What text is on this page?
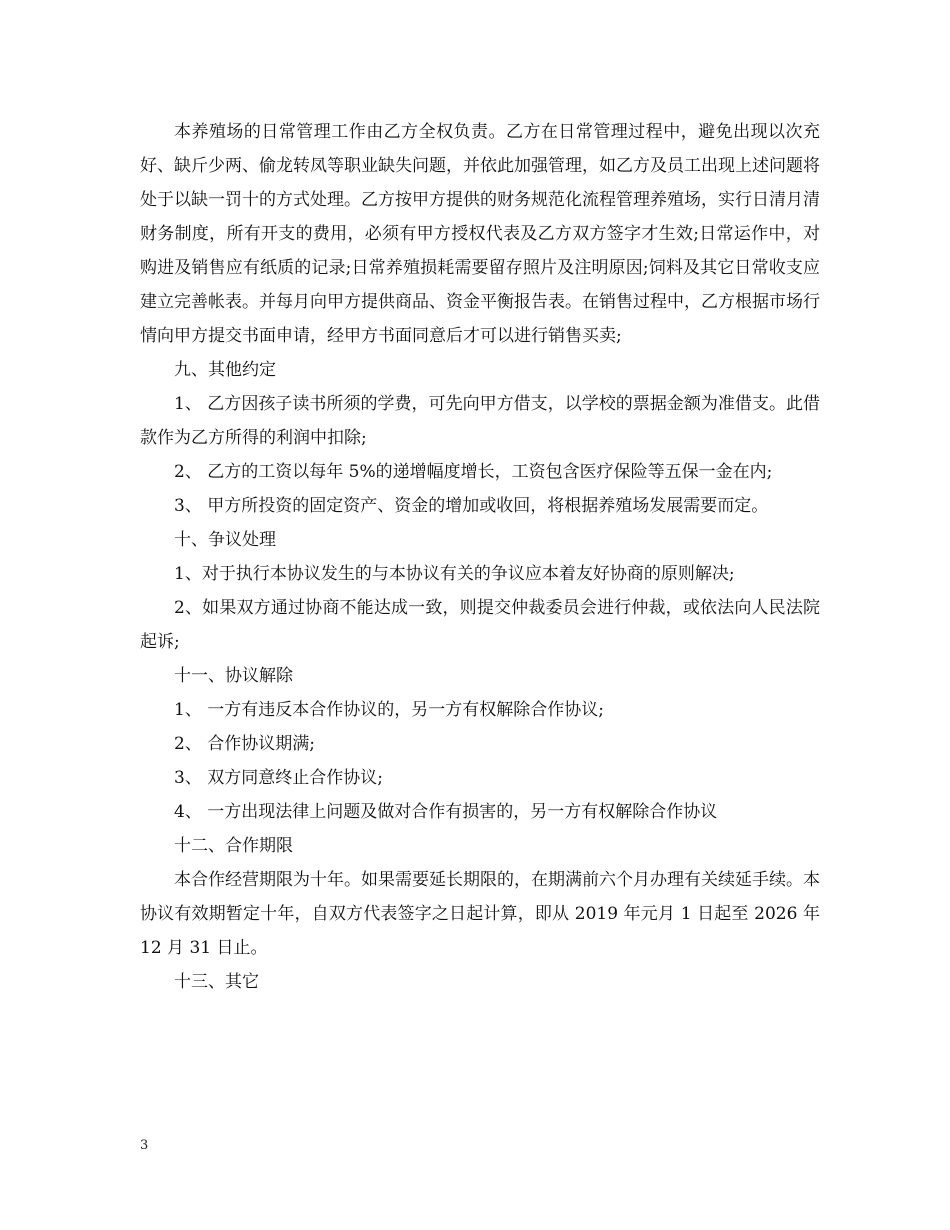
本养殖场的日常管理工作由乙方全权负责。乙方在日常管理过程中，避免出现以次充好、缺斤少两、偷龙转凤等职业缺失问题，并依此加强管理，如乙方及员工出现上述问题将处于以缺一罚十的方式处理。乙方按甲方提供的财务规范化流程管理养殖场，实行日清月清财务制度，所有开支的费用，必须有甲方授权代表及乙方双方签字才生效;日常运作中，对购进及销售应有纸质的记录;日常养殖损耗需要留存照片及注明原因;饲料及其它日常收支应建立完善帐表。并每月向甲方提供商品、资金平衡报告表。在销售过程中，乙方根据市场行情向甲方提交书面申请，经甲方书面同意后才可以进行销售买卖;

九、其他约定

1、 乙方因孩子读书所须的学费，可先向甲方借支，以学校的票据金额为准借支。此借款作为乙方所得的利润中扣除;

2、 乙方的工资以每年 5%的递增幅度增长，工资包含医疗保险等五保一金在内;

3、 甲方所投资的固定资产、资金的增加或收回，将根据养殖场发展需要而定。

十、争议处理

1、对于执行本协议发生的与本协议有关的争议应本着友好协商的原则解决;

2、如果双方通过协商不能达成一致，则提交仲裁委员会进行仲裁，或依法向人民法院起诉;

十一、协议解除

1、 一方有违反本合作协议的，另一方有权解除合作协议;

2、 合作协议期满;

3、 双方同意终止合作协议;

4、 一方出现法律上问题及做对合作有损害的，另一方有权解除合作协议

十二、合作期限

本合作经营期限为十年。如果需要延长期限的，在期满前六个月办理有关续延手续。本协议有效期暂定十年，自双方代表签字之日起计算，即从 2019 年元月 1 日起至 2026 年 12 月 31 日止。

十三、其它

3
